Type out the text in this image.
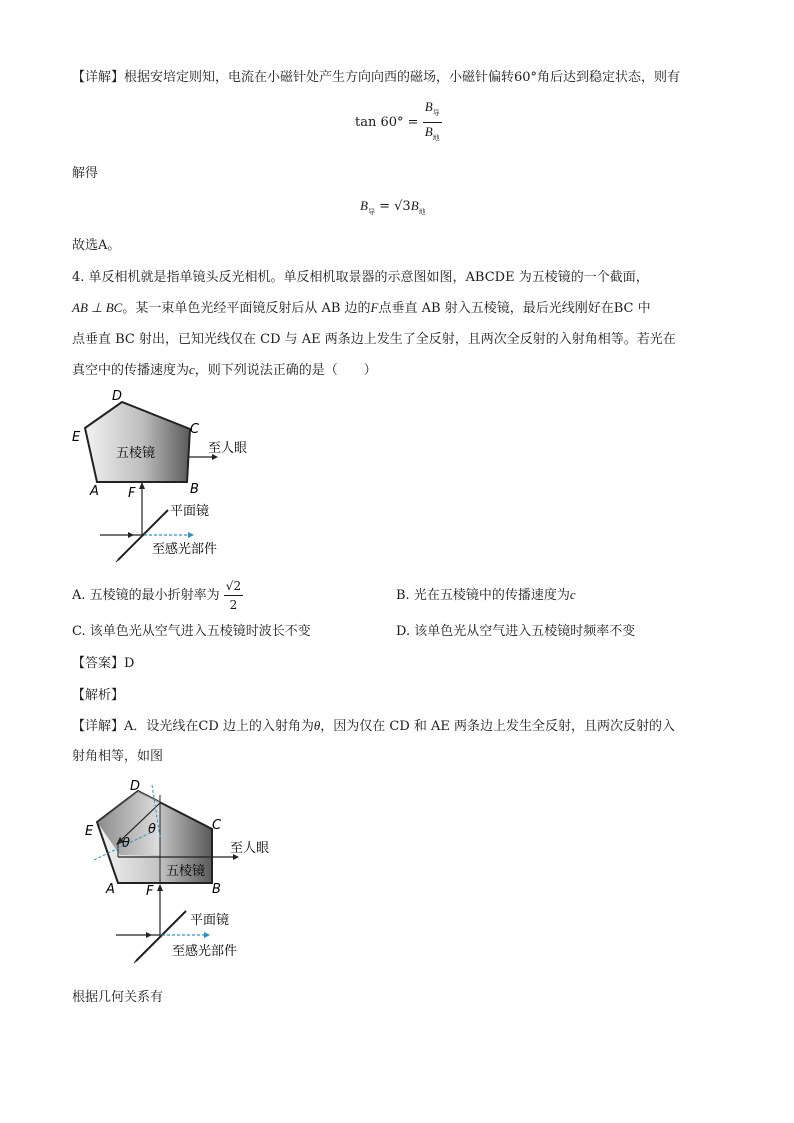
【详解】根据安培定则知，电流在小磁针处产生方向向西的磁场，小磁针偏转60°角后达到稳定状态，则有
$\tan 60^\circ = \frac{B_导}{B_地}$
解得
$B_导 = √3B_地$
故选A。
4. 单反相机就是指单镜头反光相机。单反相机取景器的示意图如图，ABCDE 为五棱镜的一个截面，
AB ⊥ BC。某一束单色光经平面镜反射后从 AB 边的F点垂直 AB 射入五棱镜，最后光线刚好在BC 中
点垂直 BC 射出，已知光线仅在 CD 与 AE 两条边上发生了全反射，且两次全反射的入射角相等。若光在
真空中的传播速度为c，则下列说法正确的是（　　）
D
C
E
A	B
F
五棱镜	至人眼
平面镜
至感光部件
A. 五棱镜的最小折射率为 $\frac{√2}{2}$	B. 光在五棱镜中的传播速度为c
C. 该单色光从空气进入五棱镜时波长不变	D. 该单色光从空气进入五棱镜时频率不变
【答案】D
【解析】
【详解】A．设光线在CD 边上的入射角为θ，因为仅在 CD 和 AE 两条边上发生全反射，且两次反射的入
射角相等，如图
θ
θ
D
C
E
A	B
F
五棱镜
至人眼
平面镜
至感光部件
根据几何关系有
